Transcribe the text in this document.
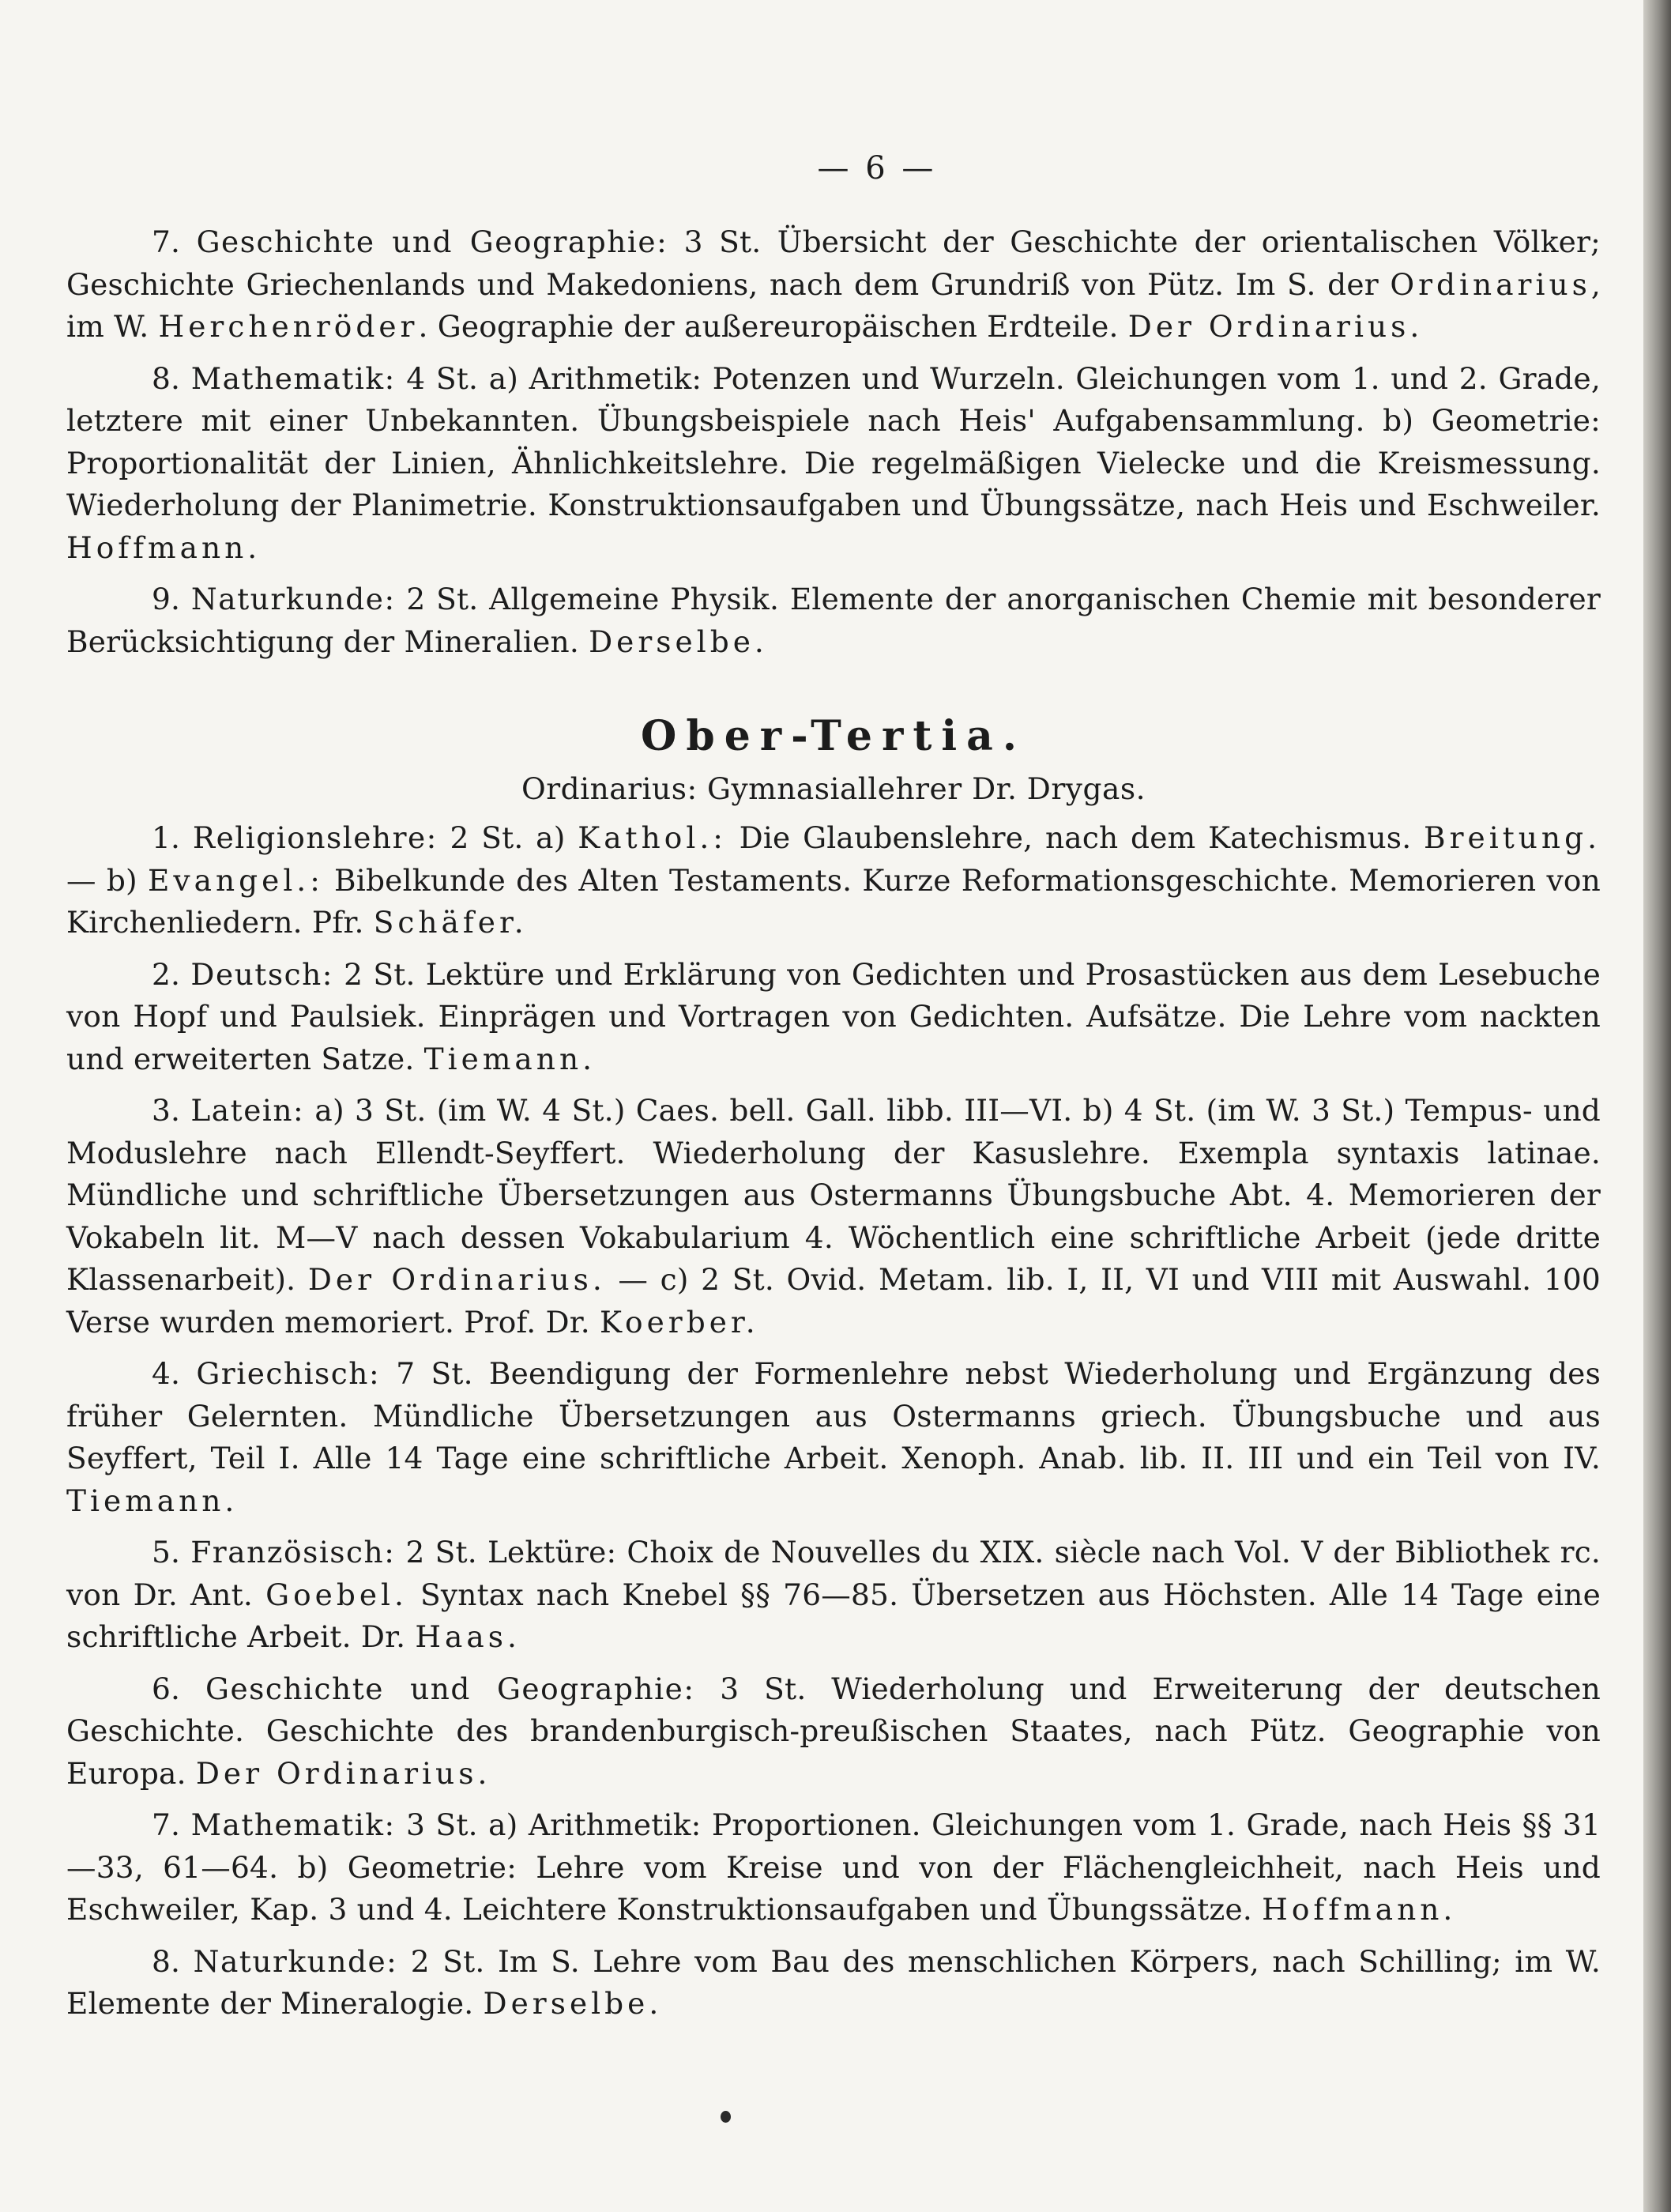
— 6 —

7. Geschichte und Geographie: 3 St. Übersicht der Geschichte der orientalischen Völker; Geschichte Griechenlands und Makedoniens, nach dem Grundriß von Pütz. Im S. der Ordinarius, im W. Herchenröder. Geographie der außereuropäischen Erdteile. Der Ordinarius.

8. Mathematik: 4 St. a) Arithmetik: Potenzen und Wurzeln. Gleichungen vom 1. und 2. Grade, letztere mit einer Unbekannten. Übungsbeispiele nach Heis' Aufgabensammlung. b) Geometrie: Proportionalität der Linien, Ähnlichkeitslehre. Die regelmäßigen Vielecke und die Kreismessung. Wiederholung der Planimetrie. Konstruktionsaufgaben und Übungssätze, nach Heis und Eschweiler. Hoffmann.

9. Naturkunde: 2 St. Allgemeine Physik. Elemente der anorganischen Chemie mit besonderer Berücksichtigung der Mineralien. Derselbe.

Ober-Tertia.
Ordinarius: Gymnasiallehrer Dr. Drygas.

1. Religionslehre: 2 St. a) Kathol.: Die Glaubenslehre, nach dem Katechismus. Breitung. — b) Evangel.: Bibelkunde des Alten Testaments. Kurze Reformationsgeschichte. Memorieren von Kirchenliedern. Pfr. Schäfer.

2. Deutsch: 2 St. Lektüre und Erklärung von Gedichten und Prosastücken aus dem Lesebuche von Hopf und Paulsiek. Einprägen und Vortragen von Gedichten. Aufsätze. Die Lehre vom nackten und erweiterten Satze. Tiemann.

3. Latein: a) 3 St. (im W. 4 St.) Caes. bell. Gall. libb. III—VI. b) 4 St. (im W. 3 St.) Tempus- und Moduslehre nach Ellendt-Seyffert. Wiederholung der Kasuslehre. Exempla syntaxis latinae. Mündliche und schriftliche Übersetzungen aus Ostermanns Übungsbuche Abt. 4. Memorieren der Vokabeln lit. M—V nach dessen Vokabularium 4. Wöchentlich eine schriftliche Arbeit (jede dritte Klassenarbeit). Der Ordinarius. — c) 2 St. Ovid. Metam. lib. I, II, VI und VIII mit Auswahl. 100 Verse wurden memoriert. Prof. Dr. Koerber.

4. Griechisch: 7 St. Beendigung der Formenlehre nebst Wiederholung und Ergänzung des früher Gelernten. Mündliche Übersetzungen aus Ostermanns griech. Übungsbuche und aus Seyffert, Teil I. Alle 14 Tage eine schriftliche Arbeit. Xenoph. Anab. lib. II. III und ein Teil von IV. Tiemann.

5. Französisch: 2 St. Lektüre: Choix de Nouvelles du XIX. siècle nach Vol. V der Bibliothek rc. von Dr. Ant. Goebel. Syntax nach Knebel §§ 76—85. Übersetzen aus Höchsten. Alle 14 Tage eine schriftliche Arbeit. Dr. Haas.

6. Geschichte und Geographie: 3 St. Wiederholung und Erweiterung der deutschen Geschichte. Geschichte des brandenburgisch-preußischen Staates, nach Pütz. Geographie von Europa. Der Ordinarius.

7. Mathematik: 3 St. a) Arithmetik: Proportionen. Gleichungen vom 1. Grade, nach Heis §§ 31—33, 61—64. b) Geometrie: Lehre vom Kreise und von der Flächengleichheit, nach Heis und Eschweiler, Kap. 3 und 4. Leichtere Konstruktionsaufgaben und Übungssätze. Hoffmann.

8. Naturkunde: 2 St. Im S. Lehre vom Bau des menschlichen Körpers, nach Schilling; im W. Elemente der Mineralogie. Derselbe.
